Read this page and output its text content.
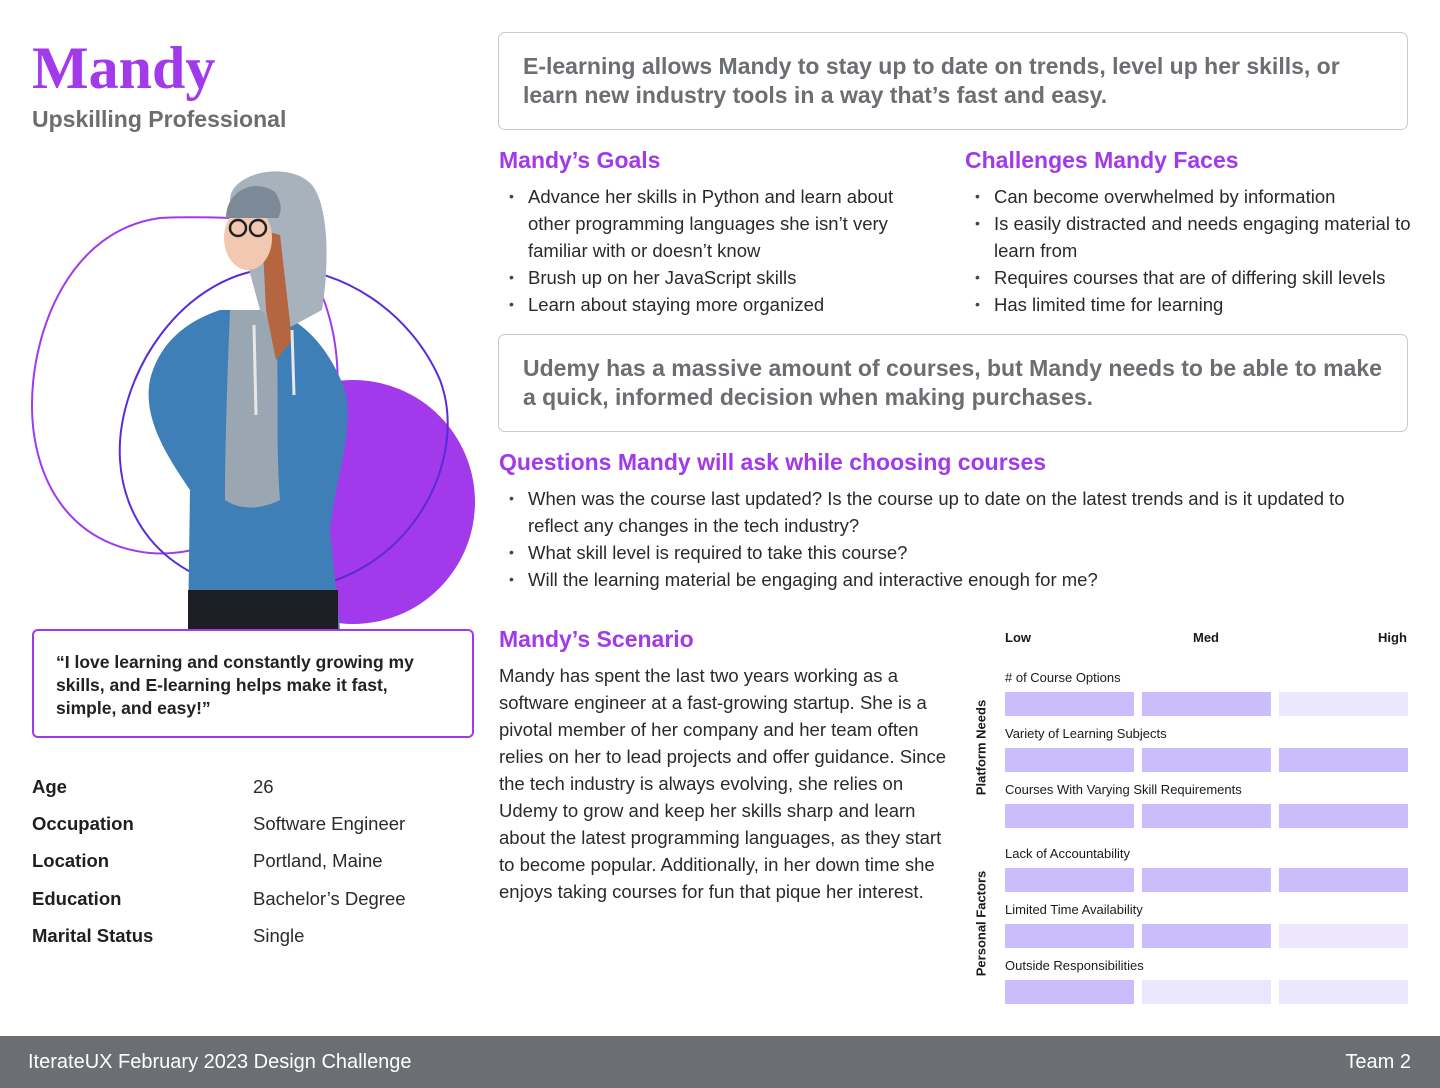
Mandy
Upskilling Professional

“I love learning and constantly growing my skills, and E-learning helps make it fast, simple, and easy!”

Age	26
Occupation	Software Engineer
Location	Portland, Maine
Education	Bachelor’s Degree
Marital Status	Single

E-learning allows Mandy to stay up to date on trends, level up her skills, or learn new industry tools in a way that’s fast and easy.

Mandy’s Goals
• Advance her skills in Python and learn about other programming languages she isn’t very familiar with or doesn’t know
• Brush up on her JavaScript skills
• Learn about staying more organized
Challenges Mandy Faces
• Can become overwhelmed by information
• Is easily distracted and needs engaging material to learn from
• Requires courses that are of differing skill levels
• Has limited time for learning

Udemy has a massive amount of courses, but Mandy needs to be able to make a quick, informed decision when making purchases.

Questions Mandy will ask while choosing courses
• When was the course last updated? Is the course up to date on the latest trends and is it updated to reflect any changes in the tech industry?
• What skill level is required to take this course?
• Will the learning material be engaging and interactive enough for me?
Mandy’s Scenario

Mandy has spent the last two years working as a software engineer at a fast-growing startup. She is a pivotal member of her company and her team often relies on her to lead projects and offer guidance. Since the tech industry is always evolving, she relies on Udemy to grow and keep her skills sharp and learn about the latest programming languages, as they start to become popular. Additionally, in her down time she enjoys taking courses for fun that pique her interest.

Low	Med	High
Platform Needs
Personal Factors
# of Course Options
Variety of Learning Subjects
Courses With Varying Skill Requirements
Lack of Accountability
Limited Time Availability
Outside Responsibilities
IterateUX February 2023 Design Challenge	Team 2
